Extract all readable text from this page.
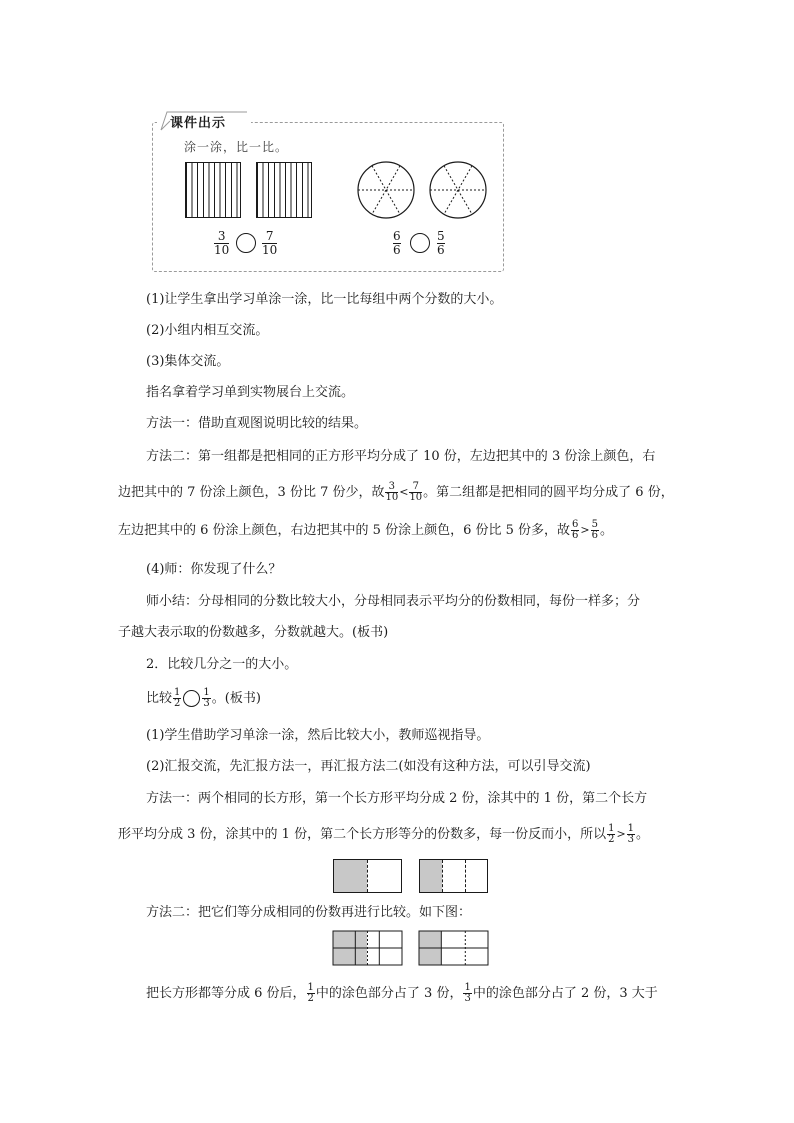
课件出示
涂一涂，比一比。
3
10
7
10
6
6
5
6
(1)让学生拿出学习单涂一涂，比一比每组中两个分数的大小。
(2)小组内相互交流。
(3)集体交流。
指名拿着学习单到实物展台上交流。
方法一：借助直观图说明比较的结果。
方法二：第一组都是把相同的正方形平均分成了 10 份，左边把其中的 3 份涂上颜色，右
边把其中的 7 份涂上颜色，3 份比 7 份少，故 $\frac{3}{10} < \frac{7}{10}$ 。第二组都是把相同的圆平均分成了 6 份，
左边把其中的 6 份涂上颜色，右边把其中的 5 份涂上颜色，6 份比 5 份多，故 $\frac{6}{6} > \frac{5}{6}$ 。
(4)师：你发现了什么？
师小结：分母相同的分数比较大小，分母相同表示平均分的份数相同，每份一样多；分
子越大表示取的份数越多，分数就越大。(板书)
2．比较几分之一的大小。
比较 $\frac{1}{2} \frac{1}{3}$ 。(板书)
(1)学生借助学习单涂一涂，然后比较大小，教师巡视指导。
(2)汇报交流，先汇报方法一，再汇报方法二(如没有这种方法，可以引导交流)
方法一：两个相同的长方形，第一个长方形平均分成 2 份，涂其中的 1 份，第二个长方
形平均分成 3 份，涂其中的 1 份，第二个长方形等分的份数多，每一份反而小，所以 $\frac{1}{2} > \frac{1}{3}$ 。
方法二：把它们等分成相同的份数再进行比较。如下图：
把长方形都等分成 6 份后， $\frac{1}{2}$ 中的涂色部分占了 3 份， $\frac{1}{3}$ 中的涂色部分占了 2 份，3 大于
